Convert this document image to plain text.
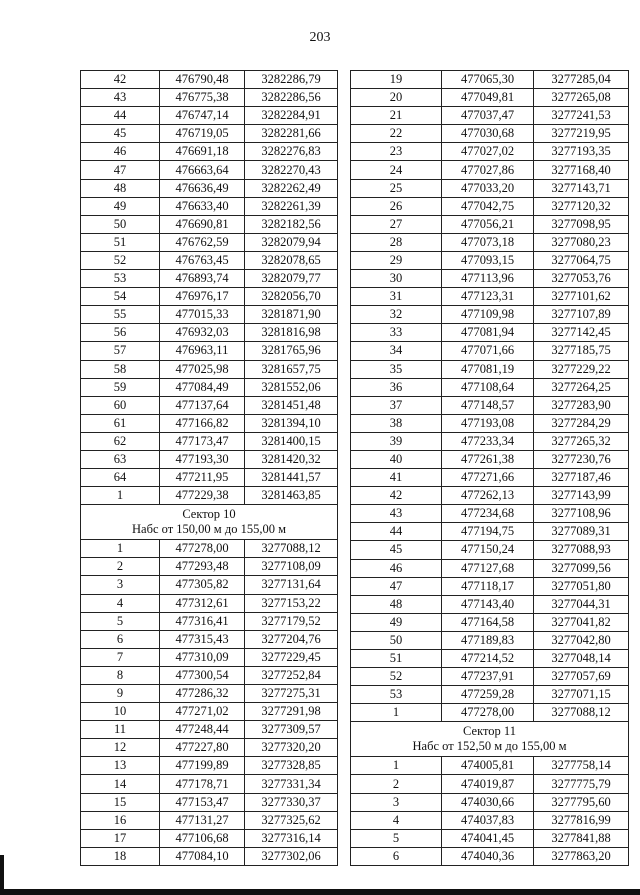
203
42	476790,48	3282286,79
43	476775,38	3282286,56
44	476747,14	3282284,91
45	476719,05	3282281,66
46	476691,18	3282276,83
47	476663,64	3282270,43
48	476636,49	3282262,49
49	476633,40	3282261,39
50	476690,81	3282182,56
51	476762,59	3282079,94
52	476763,45	3282078,65
53	476893,74	3282079,77
54	476976,17	3282056,70
55	477015,33	3281871,90
56	476932,03	3281816,98
57	476963,11	3281765,96
58	477025,98	3281657,75
59	477084,49	3281552,06
60	477137,64	3281451,48
61	477166,82	3281394,10
62	477173,47	3281400,15
63	477193,30	3281420,32
64	477211,95	3281441,57
1	477229,38	3281463,85

Сектор 10
Набс от 150,00 м до 155,00 м		

1	477278,00	3277088,12
2	477293,48	3277108,09
3	477305,82	3277131,64
4	477312,61	3277153,22
5	477316,41	3277179,52
6	477315,43	3277204,76
7	477310,09	3277229,45
8	477300,54	3277252,84
9	477286,32	3277275,31
10	477271,02	3277291,98
11	477248,44	3277309,57
12	477227,80	3277320,20
13	477199,89	3277328,85
14	477178,71	3277331,34
15	477153,47	3277330,37
16	477131,27	3277325,62
17	477106,68	3277316,14
18	477084,10	3277302,06
19	477065,30	3277285,04
20	477049,81	3277265,08
21	477037,47	3277241,53
22	477030,68	3277219,95
23	477027,02	3277193,35
24	477027,86	3277168,40
25	477033,20	3277143,71
26	477042,75	3277120,32
27	477056,21	3277098,95
28	477073,18	3277080,23
29	477093,15	3277064,75
30	477113,96	3277053,76
31	477123,31	3277101,62
32	477109,98	3277107,89
33	477081,94	3277142,45
34	477071,66	3277185,75
35	477081,19	3277229,22
36	477108,64	3277264,25
37	477148,57	3277283,90
38	477193,08	3277284,29
39	477233,34	3277265,32
40	477261,38	3277230,76
41	477271,66	3277187,46
42	477262,13	3277143,99
43	477234,68	3277108,96
44	477194,75	3277089,31
45	477150,24	3277088,93
46	477127,68	3277099,56
47	477118,17	3277051,80
48	477143,40	3277044,31
49	477164,58	3277041,82
50	477189,83	3277042,80
51	477214,52	3277048,14
52	477237,91	3277057,69
53	477259,28	3277071,15
1	477278,00	3277088,12

Сектор 11
Набс от 152,50 м до 155,00 м		

1	474005,81	3277758,14
2	474019,87	3277775,79
3	474030,66	3277795,60
4	474037,83	3277816,99
5	474041,45	3277841,88
6	474040,36	3277863,20
